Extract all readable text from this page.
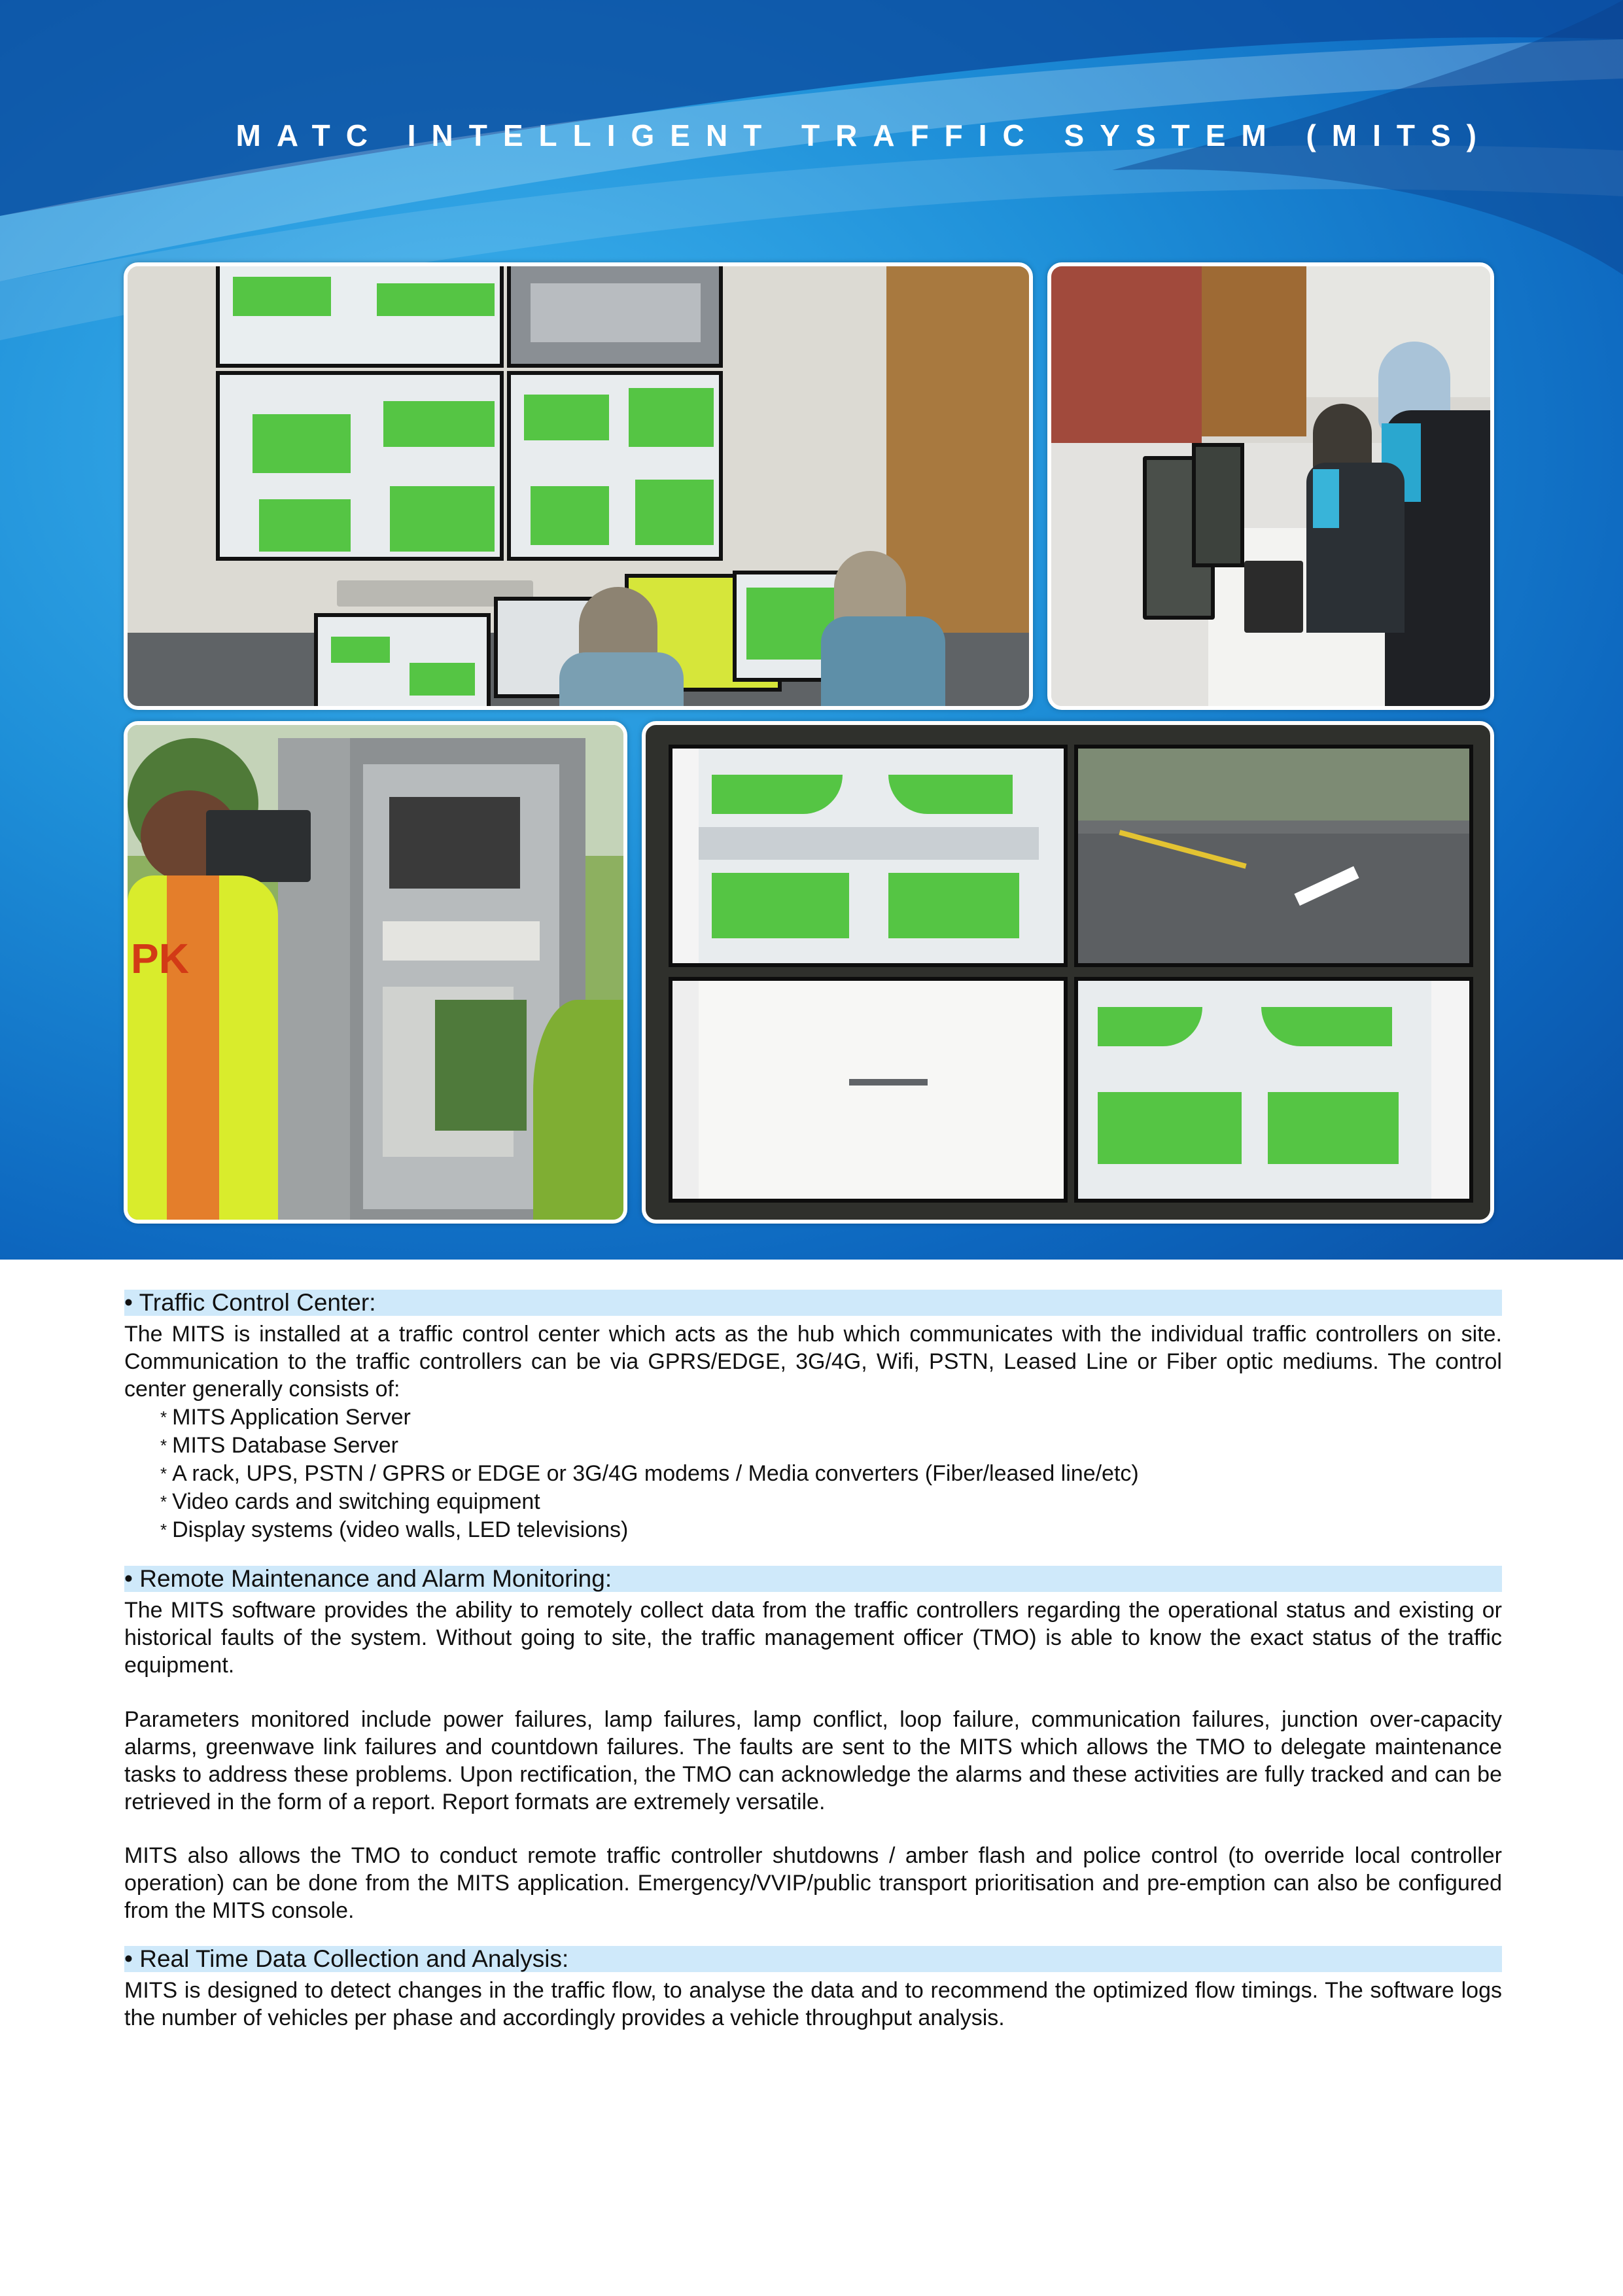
MATC INTELLIGENT TRAFFIC SYSTEM (MITS)
PK
• Traffic Control Center:

The MITS is installed at a traffic control center which acts as the hub which communicates with the individual traffic controllers on site. Communication to the traffic controllers can be via GPRS/EDGE, 3G/4G, Wifi, PSTN, Leased Line or Fiber optic mediums. The control center generally consists of:

* MITS Application Server
* MITS Database Server
* A rack, UPS, PSTN / GPRS or EDGE or 3G/4G modems / Media converters (Fiber/leased line/etc)
* Video cards and switching equipment
* Display systems (video walls, LED televisions)
• Remote Maintenance and Alarm Monitoring:

The MITS software provides the ability to remotely collect data from the traffic controllers regarding the operational status and existing or historical faults of the system. Without going to site, the traffic management officer (TMO) is able to know the exact status of the traffic equipment.

Parameters monitored include power failures, lamp failures, lamp conflict, loop failure, communication failures, junction over-capacity alarms, greenwave link failures and countdown failures. The faults are sent to the MITS which allows the TMO to delegate maintenance tasks to address these problems. Upon rectification, the TMO can acknowledge the alarms and these activities are fully tracked and can be retrieved in the form of a report. Report formats are extremely versatile.

MITS also allows the TMO to conduct remote traffic controller shutdowns / amber flash and police control (to override local controller operation) can be done from the MITS application. Emergency/VVIP/public transport prioritisation and pre-emption can also be configured from the MITS console.

• Real Time Data Collection and Analysis:

MITS is designed to detect changes in the traffic flow, to analyse the data and to recommend the optimized flow timings. The software logs the number of vehicles per phase and accordingly provides a vehicle throughput analysis.
